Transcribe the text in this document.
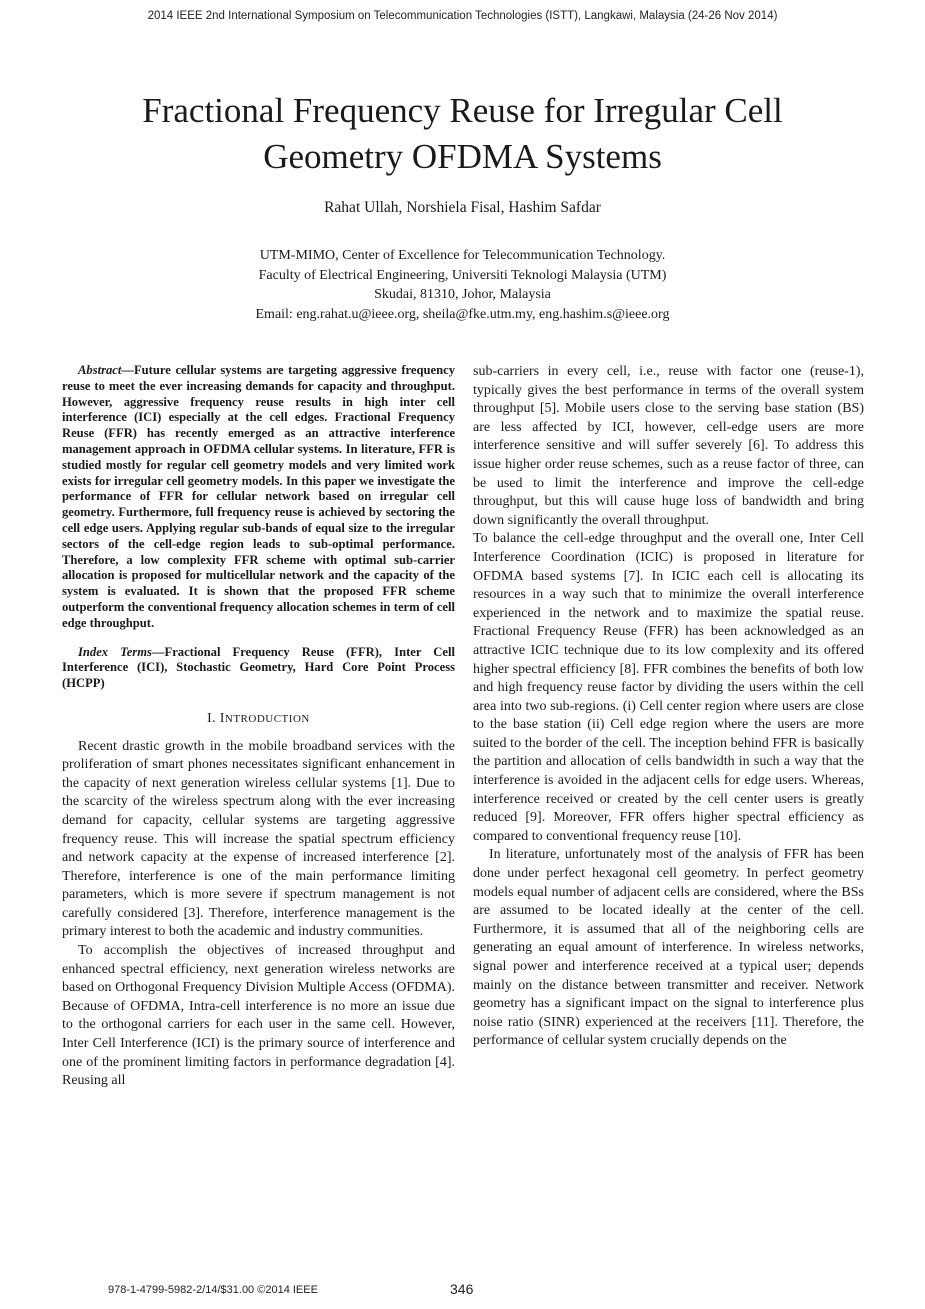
2014 IEEE 2nd International Symposium on Telecommunication Technologies (ISTT), Langkawi, Malaysia (24-26 Nov 2014)
Fractional Frequency Reuse for Irregular Cell
Geometry OFDMA Systems
Rahat Ullah, Norshiela Fisal, Hashim Safdar
UTM-MIMO, Center of Excellence for Telecommunication Technology.
Faculty of Electrical Engineering, Universiti Teknologi Malaysia (UTM)
Skudai, 81310, Johor, Malaysia
Email: eng.rahat.u@ieee.org, sheila@fke.utm.my, eng.hashim.s@ieee.org

Abstract—Future cellular systems are targeting aggressive frequency reuse to meet the ever increasing demands for capacity and throughput. However, aggressive frequency reuse results in high inter cell interference (ICI) especially at the cell edges. Fractional Frequency Reuse (FFR) has recently emerged as an attractive interference management approach in OFDMA cellular systems. In literature, FFR is studied mostly for regular cell geometry models and very limited work exists for irregular cell geometry models. In this paper we investigate the performance of FFR for cellular network based on irregular cell geometry. Furthermore, full frequency reuse is achieved by sectoring the cell edge users. Applying regular sub-bands of equal size to the irregular sectors of the cell-edge region leads to sub-optimal performance. Therefore, a low complexity FFR scheme with optimal sub-carrier allocation is proposed for multicellular network and the capacity of the system is evaluated. It is shown that the proposed FFR scheme outperform the conventional frequency allocation schemes in term of cell edge throughput.

Index Terms—Fractional Frequency Reuse (FFR), Inter Cell Interference (ICI), Stochastic Geometry, Hard Core Point Process (HCPP)

I. INTRODUCTION

Recent drastic growth in the mobile broadband services with the proliferation of smart phones necessitates significant enhancement in the capacity of next generation wireless cellular systems [1]. Due to the scarcity of the wireless spectrum along with the ever increasing demand for capacity, cellular systems are targeting aggressive frequency reuse. This will increase the spatial spectrum efficiency and network capacity at the expense of increased interference [2]. Therefore, interference is one of the main performance limiting parameters, which is more severe if spectrum management is not carefully considered [3]. Therefore, interference management is the primary interest to both the academic and industry communities.

To accomplish the objectives of increased throughput and enhanced spectral efficiency, next generation wireless networks are based on Orthogonal Frequency Division Multiple Access (OFDMA). Because of OFDMA, Intra-cell interference is no more an issue due to the orthogonal carriers for each user in the same cell. However, Inter Cell Interference (ICI) is the primary source of interference and one of the prominent limiting factors in performance degradation [4]. Reusing all

sub-carriers in every cell, i.e., reuse with factor one (reuse-1), typically gives the best performance in terms of the overall system throughput [5]. Mobile users close to the serving base station (BS) are less affected by ICI, however, cell-edge users are more interference sensitive and will suffer severely [6]. To address this issue higher order reuse schemes, such as a reuse factor of three, can be used to limit the interference and improve the cell-edge throughput, but this will cause huge loss of bandwidth and bring down significantly the overall throughput.

To balance the cell-edge throughput and the overall one, Inter Cell Interference Coordination (ICIC) is proposed in literature for OFDMA based systems [7]. In ICIC each cell is allocating its resources in a way such that to minimize the overall interference experienced in the network and to maximize the spatial reuse. Fractional Frequency Reuse (FFR) has been acknowledged as an attractive ICIC technique due to its low complexity and its offered higher spectral efficiency [8]. FFR combines the benefits of both low and high frequency reuse factor by dividing the users within the cell area into two sub-regions. (i) Cell center region where users are close to the base station (ii) Cell edge region where the users are more suited to the border of the cell. The inception behind FFR is basically the partition and allocation of cells bandwidth in such a way that the interference is avoided in the adjacent cells for edge users. Whereas, interference received or created by the cell center users is greatly reduced [9]. Moreover, FFR offers higher spectral efficiency as compared to conventional frequency reuse [10].

In literature, unfortunately most of the analysis of FFR has been done under perfect hexagonal cell geometry. In perfect geometry models equal number of adjacent cells are considered, where the BSs are assumed to be located ideally at the center of the cell. Furthermore, it is assumed that all of the neighboring cells are generating an equal amount of interference. In wireless networks, signal power and interference received at a typical user; depends mainly on the distance between transmitter and receiver. Network geometry has a significant impact on the signal to interference plus noise ratio (SINR) experienced at the receivers [11]. Therefore, the performance of cellular system crucially depends on the

978-1-4799-5982-2/14/$31.00 ©2014 IEEE	346
